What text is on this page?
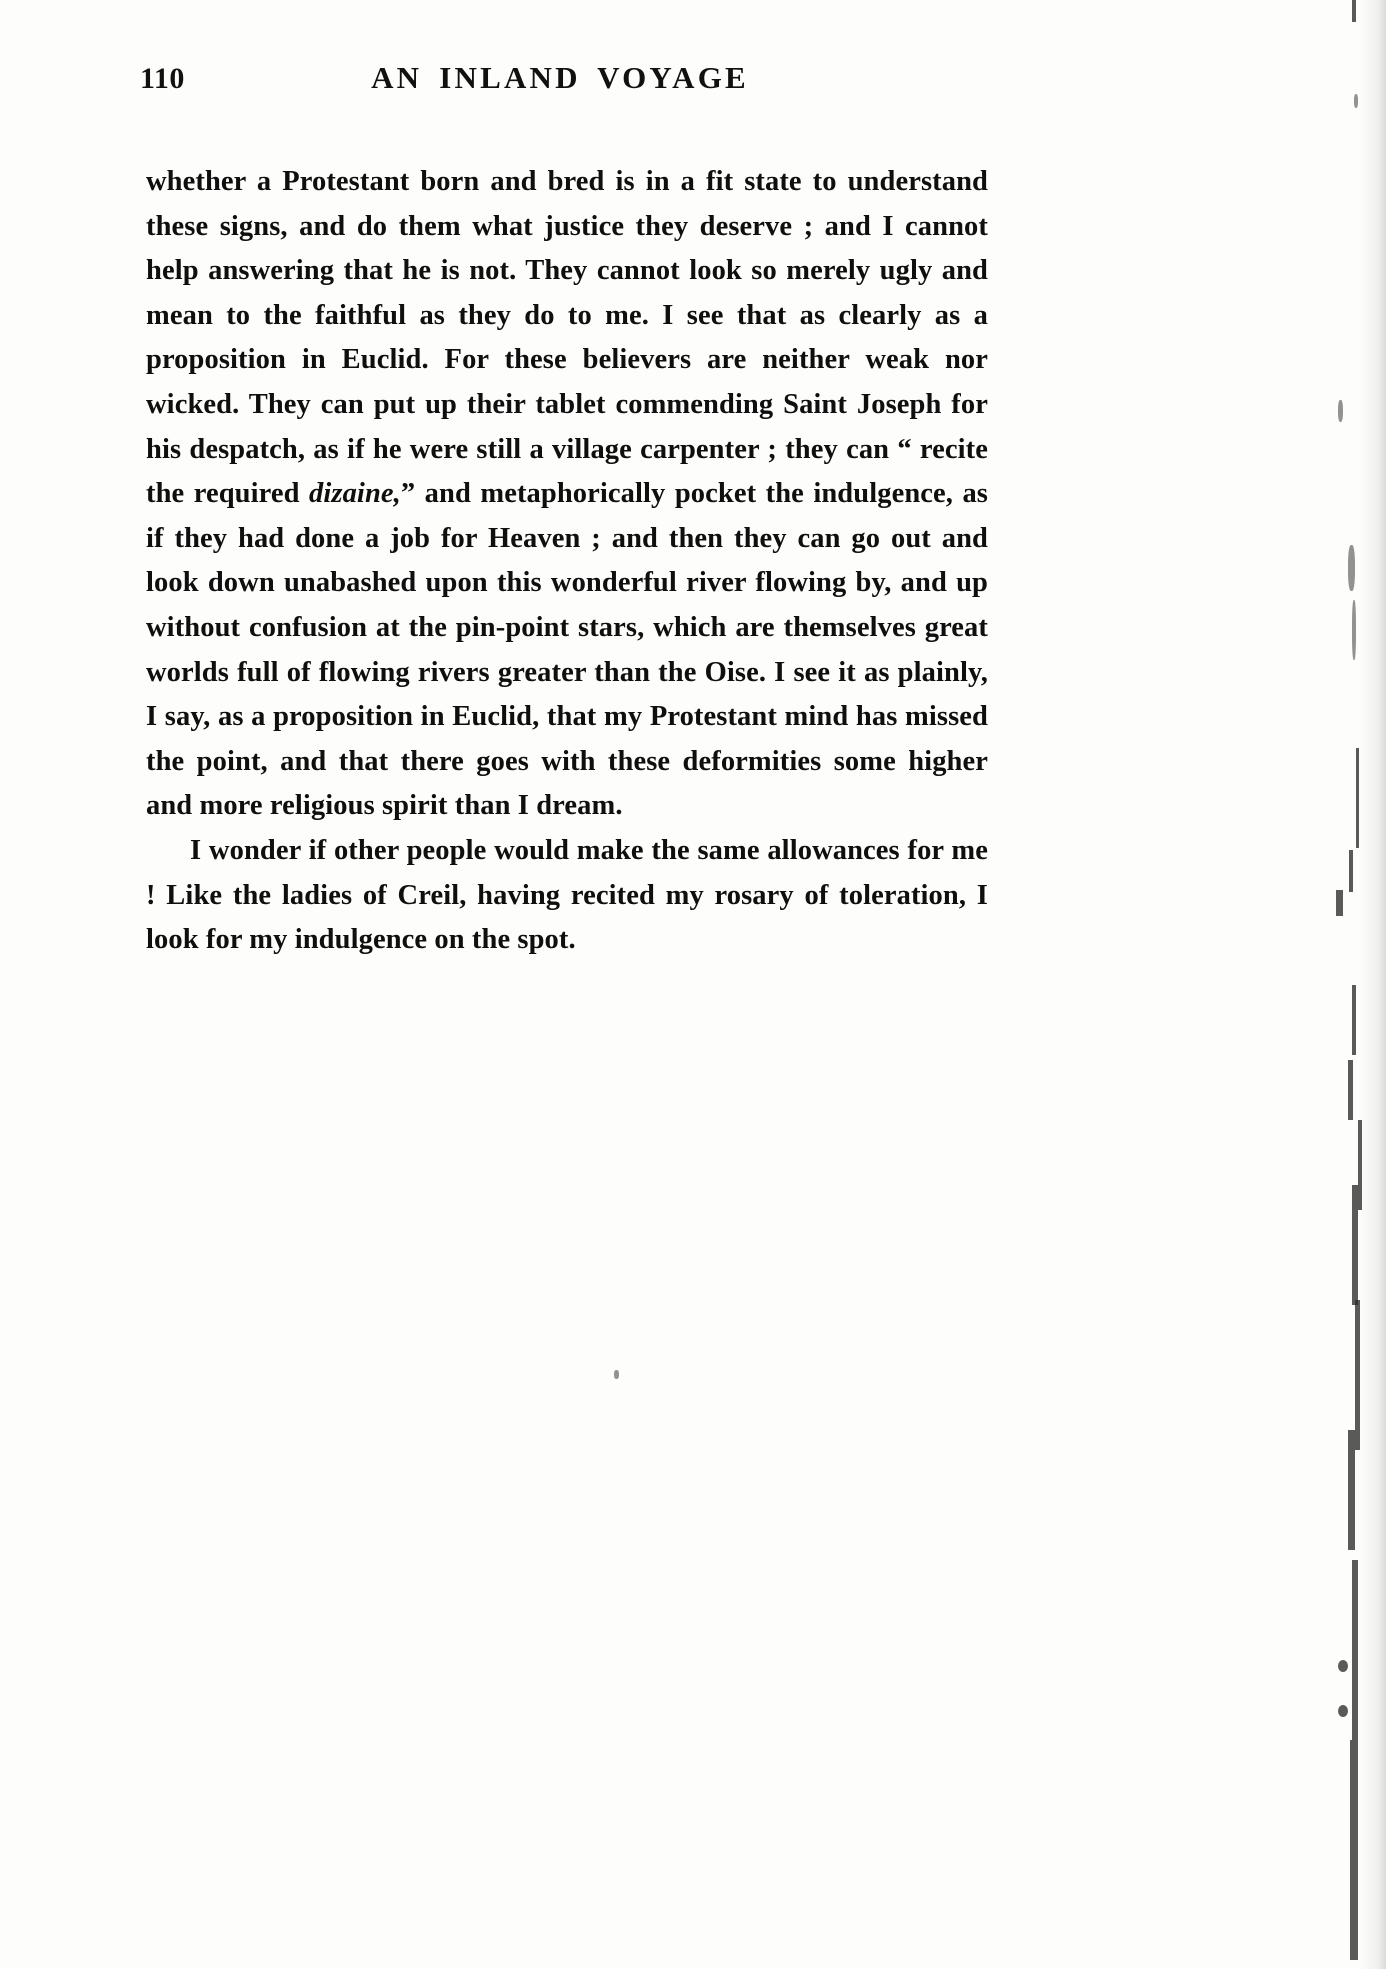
110	AN INLAND VOYAGE

whether a Protestant born and bred is in a fit state to understand these signs, and do them what justice they deserve ; and I cannot help answering that he is not. They cannot look so merely ugly and mean to the faithful as they do to me. I see that as clearly as a proposition in Euclid. For these believers are neither weak nor wicked. They can put up their tablet commending Saint Joseph for his despatch, as if he were still a village carpenter ; they can “ recite the required dizaine,” and metaphorically pocket the indulgence, as if they had done a job for Heaven ; and then they can go out and look down unabashed upon this wonderful river flowing by, and up without confusion at the pin-point stars, which are themselves great worlds full of flowing rivers greater than the Oise. I see it as plainly, I say, as a proposition in Euclid, that my Protestant mind has missed the point, and that there goes with these deformities some higher and more religious spirit than I dream.

I wonder if other people would make the same allowances for me ! Like the ladies of Creil, having recited my rosary of toleration, I look for my indulgence on the spot.
